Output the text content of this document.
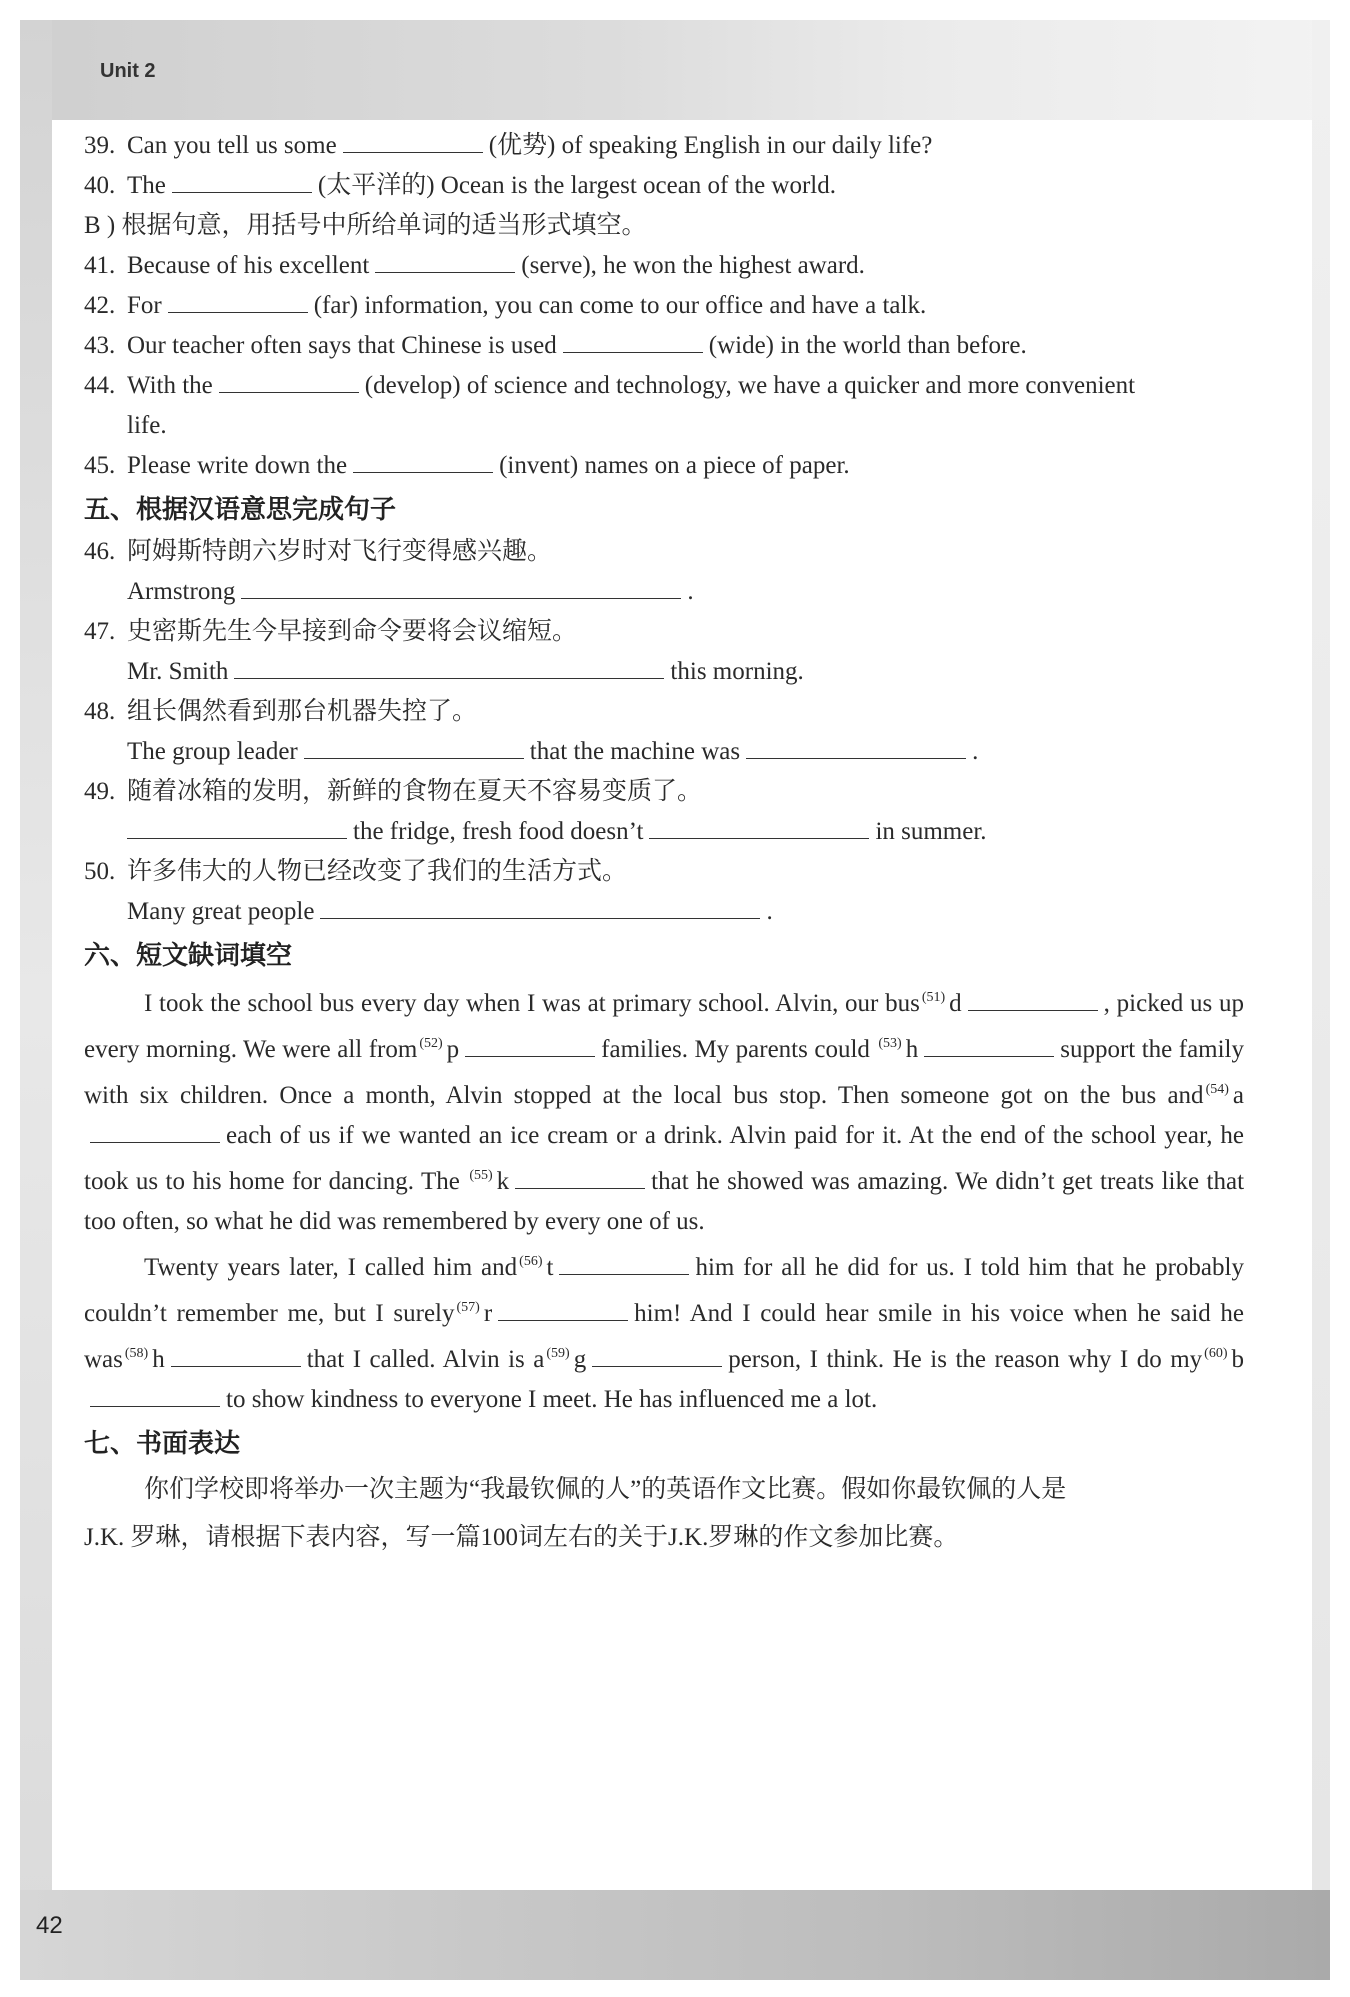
Unit 2
42
39. Can you tell us some	(优势) of speaking English in our daily life?
40. The	(太平洋的) Ocean is the largest ocean of the world.
B ) 根据句意，用括号中所给单词的适当形式填空。
41. Because of his excellent	(serve), he won the highest award.
42. For	(far) information, you can come to our office and have a talk.
43. Our teacher often says that Chinese is used	(wide) in the world than before.
44. With the	(develop) of science and technology, we have a quicker and more convenient
life.
45. Please write down the	(invent) names on a piece of paper.
五、根据汉语意思完成句子
46. 阿姆斯特朗六岁时对飞行变得感兴趣。
Armstrong	.
47. 史密斯先生今早接到命令要将会议缩短。
Mr. Smith	this morning.
48. 组长偶然看到那台机器失控了。
The group leader	that the machine was	.
49. 随着冰箱的发明，新鲜的食物在夏天不容易变质了。
the fridge, fresh food doesn’t	in summer.
50. 许多伟大的人物已经改变了我们的生活方式。
Many great people	.
六、短文缺词填空

I took the school bus every day when I was at primary school. Alvin, our bus $^{(51)}$ d	, picked us up every morning. We were all from $^{(52)}$ p	families. My parents could $^{(53)}$ h	support the family with six children. Once a month, Alvin stopped at the local bus stop. Then someone got on the bus and $^{(54)}$ aeach of us if we wanted an ice cream or a drink. Alvin paid for it. At the end of the school year, he took us to his home for dancing. The $^{(55)}$ k	that he showed was amazing. We didn’t get treats like that too often, so what he did was remembered by every one of us.

Twenty years later, I called him and $^{(56)}$ t	him for all he did for us. I told him that he probably couldn’t remember me, but I surely $^{(57)}$ r	him! And I could hear smile in his voice when he said he was $^{(58)}$ h	that I called. Alvin is a $^{(59)}$ g	person, I think. He is the reason why I do my $^{(60)}$ bto show kindness to everyone I meet. He has influenced me a lot.

七、书面表达

你们学校即将举办一次主题为“我最钦佩的人”的英语作文比赛。假如你最钦佩的人是

J.K. 罗琳，请根据下表内容，写一篇100词左右的关于J.K.罗琳的作文参加比赛。
